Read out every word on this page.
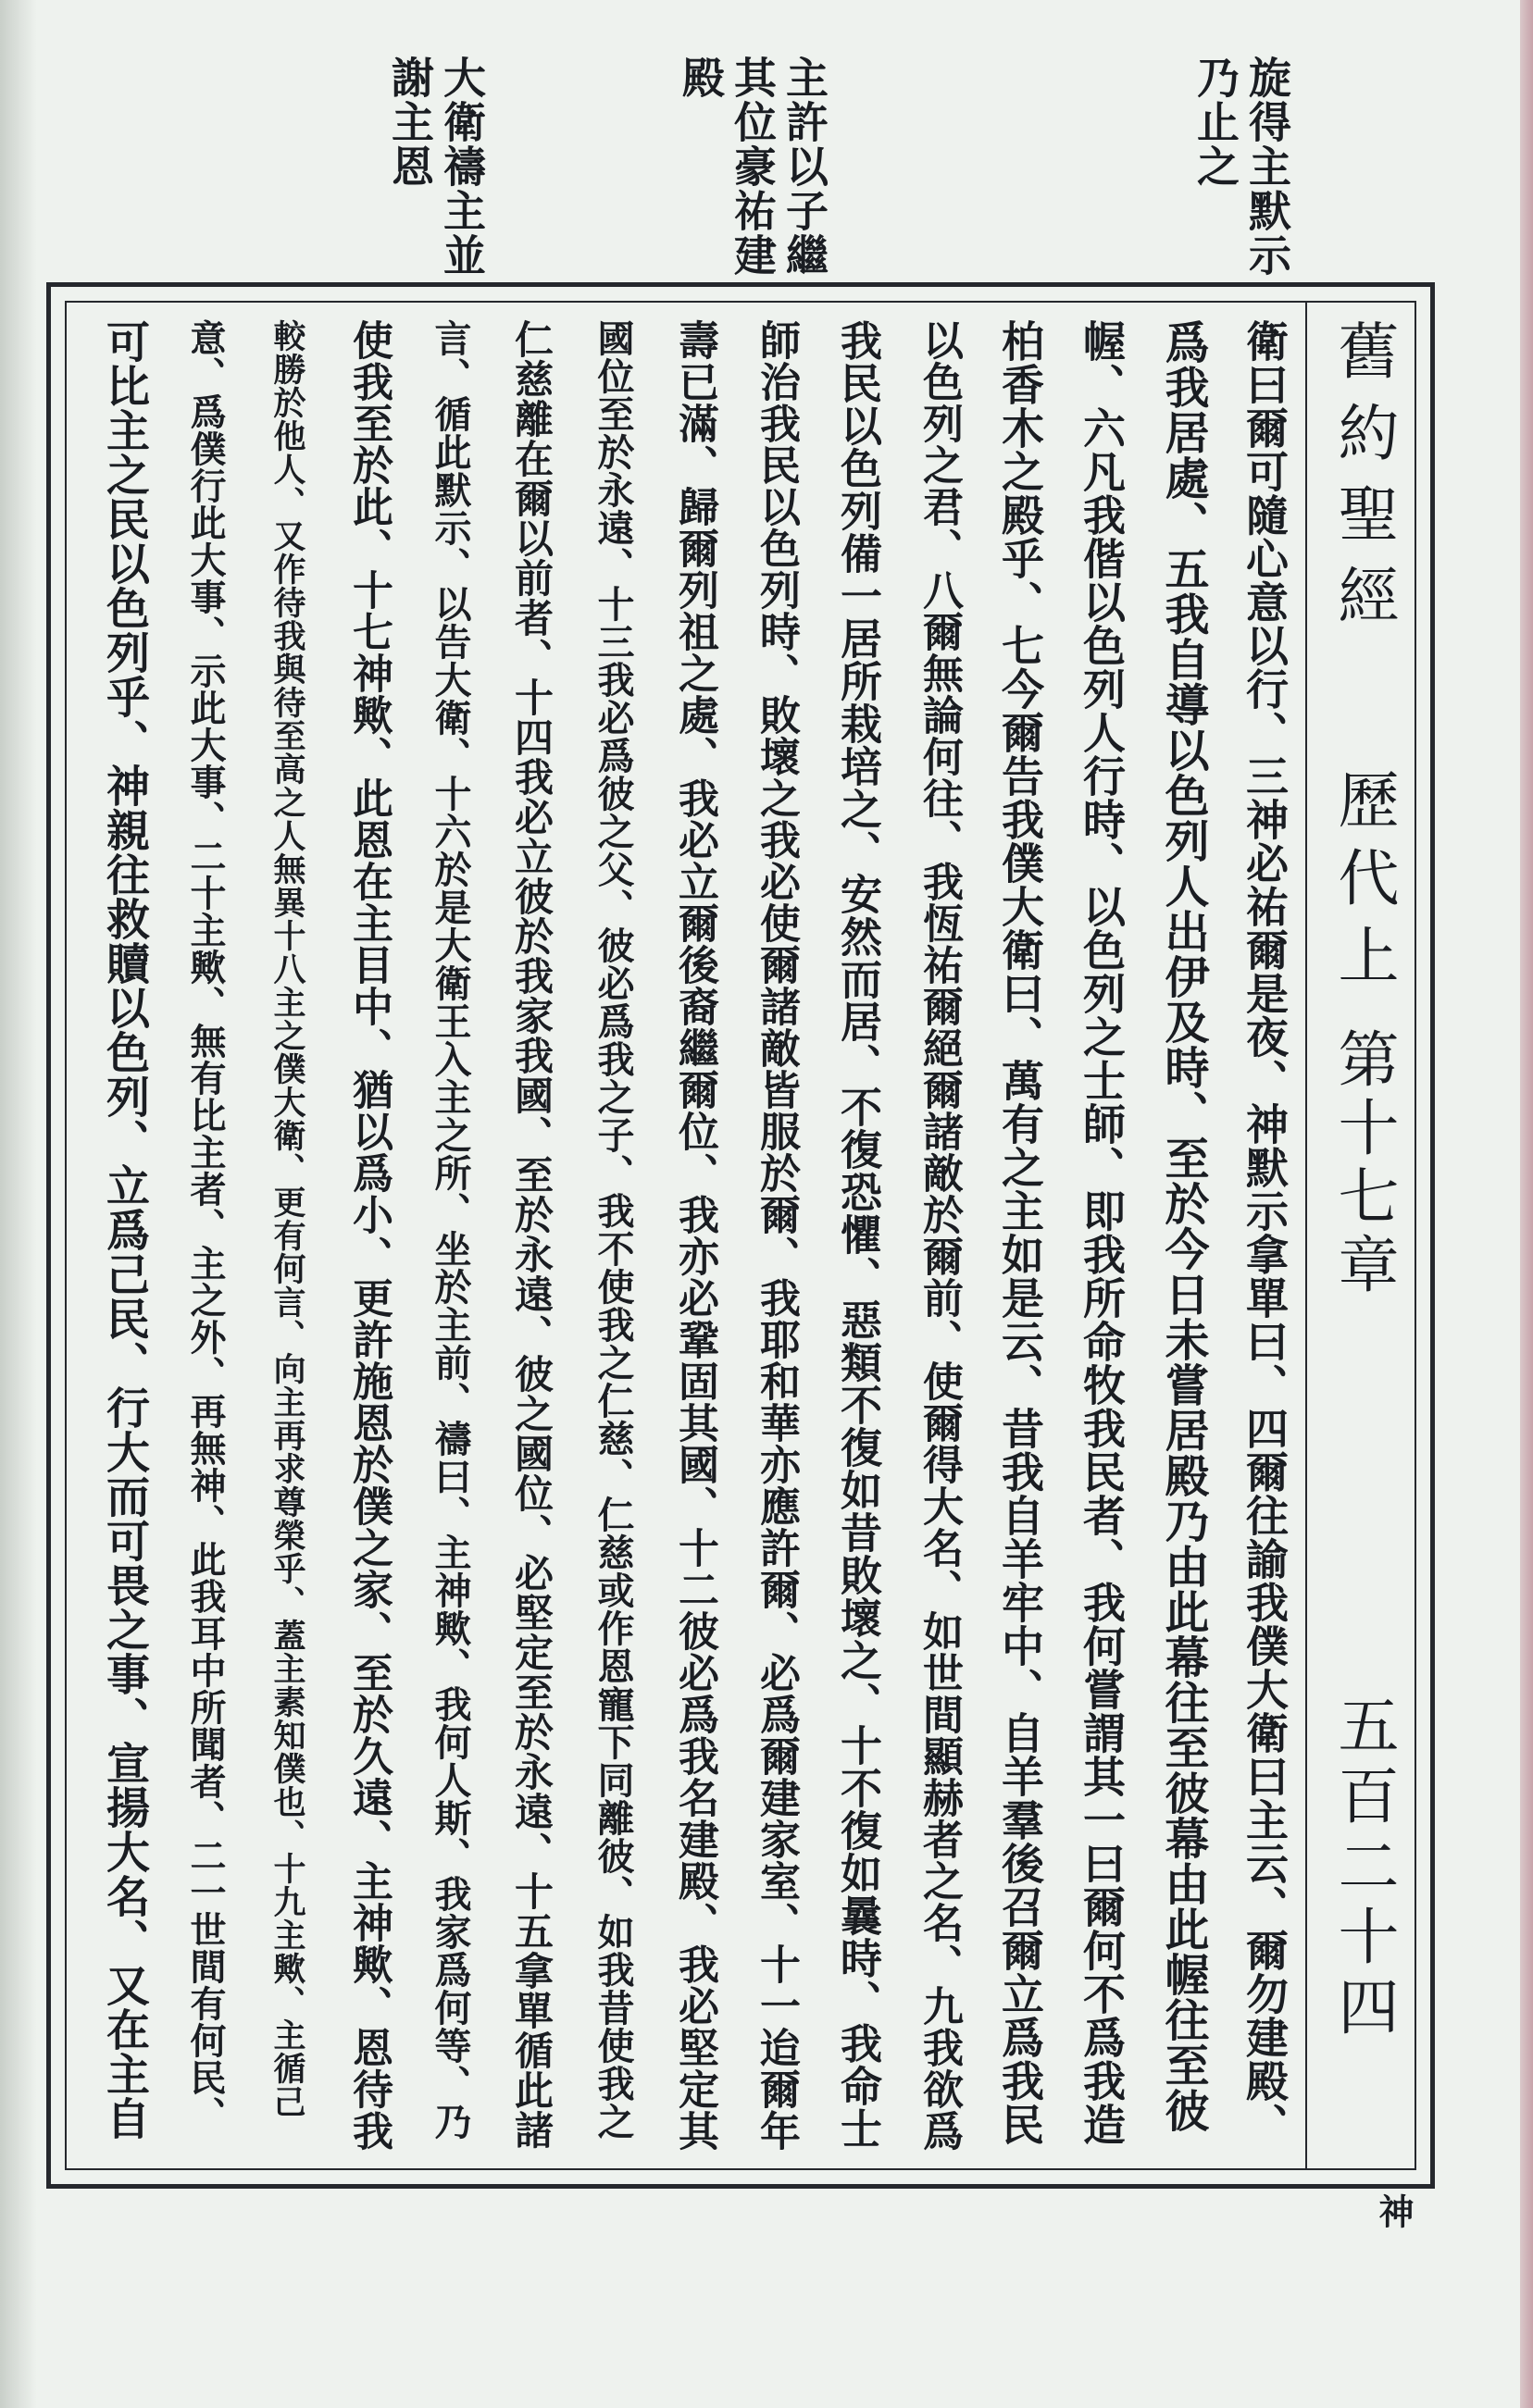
旋得主默示
乃止之
主許以子繼
其位豪祐建
殿
大衛禱主並
謝主恩
舊約聖經
歷代上
第十七章
五百二十四
衛曰爾可隨心意以行、三神必祐爾是夜、神默示拿單曰、四爾往諭我僕大衛曰主云、爾勿建殿、
爲我居處、五我自導以色列人出伊及時、至於今日未嘗居殿乃由此幕往至彼幕由此幄往至彼
幄、六凡我偕以色列人行時、以色列之士師、即我所命牧我民者、我何嘗謂其一曰爾何不爲我造
柏香木之殿乎、七今爾告我僕大衛曰、萬有之主如是云、昔我自羊牢中、自羊羣後召爾立爲我民
以色列之君、八爾無論何往、我恆祐爾絕爾諸敵於爾前、使爾得大名、如世間顯赫者之名、九我欲爲
我民以色列備一居所栽培之、安然而居、不復恐懼、惡類不復如昔敗壞之、十不復如曩時、我命士
師治我民以色列時、敗壞之我必使爾諸敵皆服於爾、我耶和華亦應許爾、必爲爾建家室、十一迨爾年
壽已滿、歸爾列祖之處、我必立爾後裔繼爾位、我亦必鞏固其國、十二彼必爲我名建殿、我必堅定其
國位至於永遠、十三我必爲彼之父、彼必爲我之子、我不使我之仁慈、仁慈或作恩寵下同離彼、如我昔使我之
仁慈離在爾以前者、十四我必立彼於我家我國、至於永遠、彼之國位、必堅定至於永遠、十五拿單循此諸
言、循此默示、以告大衛、十六於是大衛王入主之所、坐於主前、禱曰、主神歟、我何人斯、我家爲何等、乃
使我至於此、十七神歟、此恩在主目中、猶以爲小、更許施恩於僕之家、至於久遠、主神歟、恩待我
較勝於他人、又作待我與待至高之人無異十八主之僕大衛、更有何言、向主再求尊榮乎、蓋主素知僕也、十九主歟、主循己
意、爲僕行此大事、示此大事、二十主歟、無有比主者、主之外、再無神、此我耳中所聞者、二一世間有何民、
可比主之民以色列乎、神親往救贖以色列、立爲己民、行大而可畏之事、宣揚大名、又在主自
神
